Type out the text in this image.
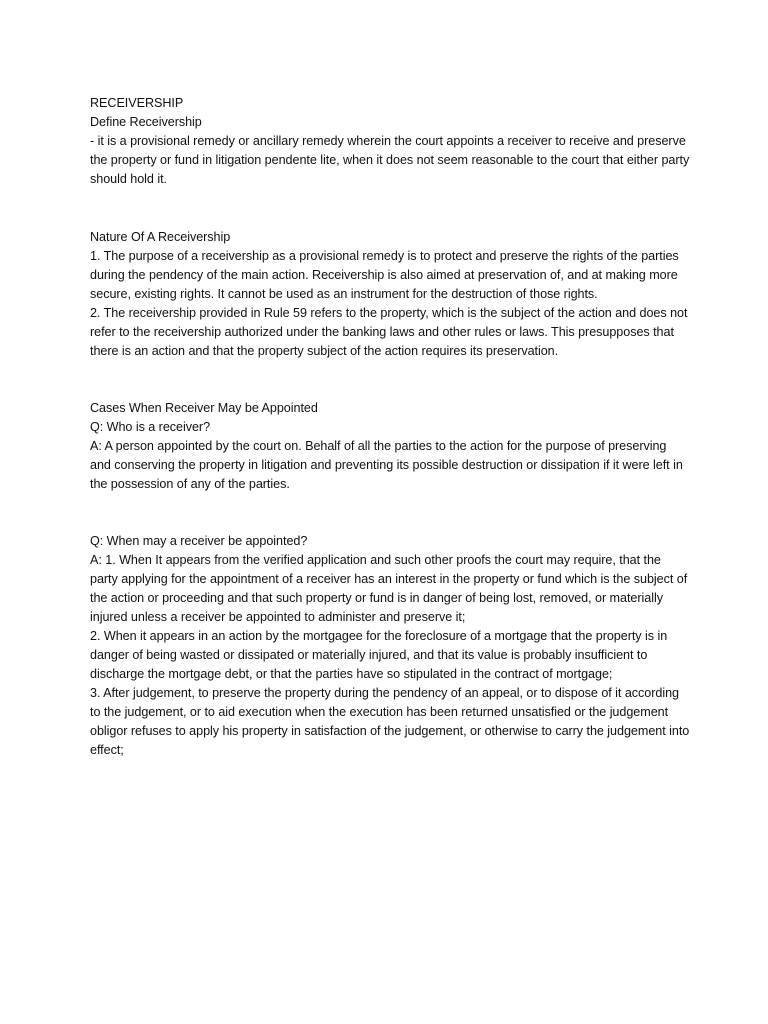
RECEIVERSHIP

Define Receivership

- it is a provisional remedy or ancillary remedy wherein the court appoints a receiver to receive and preserve the property or fund in litigation pendente lite, when it does not seem reasonable to the court that either party should hold it.

Nature Of A Receivership

1. The purpose of a receivership as a provisional remedy is to protect and preserve the rights of the parties during the pendency of the main action. Receivership is also aimed at preservation of, and at making more secure, existing rights. It cannot be used as an instrument for the destruction of those rights.

2. The receivership provided in Rule 59 refers to the property, which is the subject of the action and does not refer to the receivership authorized under the banking laws and other rules or laws. This presupposes that there is an action and that the property subject of the action requires its preservation.

Cases When Receiver May be Appointed

Q: Who is a receiver?

A: A person appointed by the court on. Behalf of all the parties to the action for the purpose of preserving and conserving the property in litigation and preventing its possible destruction or dissipation if it were left in the possession of any of the parties.

Q: When may a receiver be appointed?

A: 1. When It appears from the verified application and such other proofs the court may require, that the party applying for the appointment of a receiver has an interest in the property or fund which is the subject of the action or proceeding and that such property or fund is in danger of being lost, removed, or materially injured unless a receiver be appointed to administer and preserve it;

2. When it appears in an action by the mortgagee for the foreclosure of a mortgage that the property is in danger of being wasted or dissipated or materially injured, and that its value is probably insufficient to discharge the mortgage debt, or that the parties have so stipulated in the contract of mortgage;

3. After judgement, to preserve the property during the pendency of an appeal, or to dispose of it according to the judgement, or to aid execution when the execution has been returned unsatisfied or the judgement obligor refuses to apply his property in satisfaction of the judgement, or otherwise to carry the judgement into effect;
